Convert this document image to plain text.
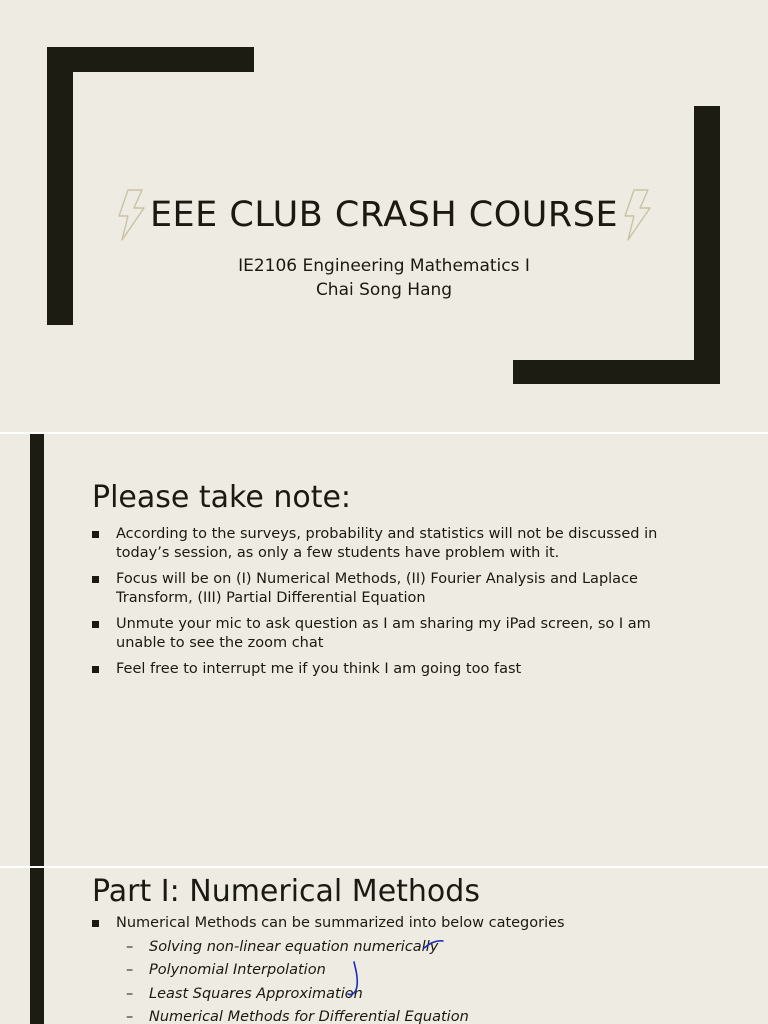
EEE CLUB CRASH COURSE
IE2106 Engineering Mathematics I
Chai Song Hang
Please take note:
According to the surveys, probability and statistics will not be discussed in today’s session, as only a few students have problem with it.
Focus will be on (I) Numerical Methods, (II) Fourier Analysis and Laplace Transform, (III) Partial Differential Equation
Unmute your mic to ask question as I am sharing my iPad screen, so I am unable to see the zoom chat
Feel free to interrupt me if you think I am going too fast
Part I: Numerical Methods
Numerical Methods can be summarized into below categories
– Solving non-linear equation numerically
– Polynomial Interpolation
– Least Squares Approximation
– Numerical Methods for Differential Equation
